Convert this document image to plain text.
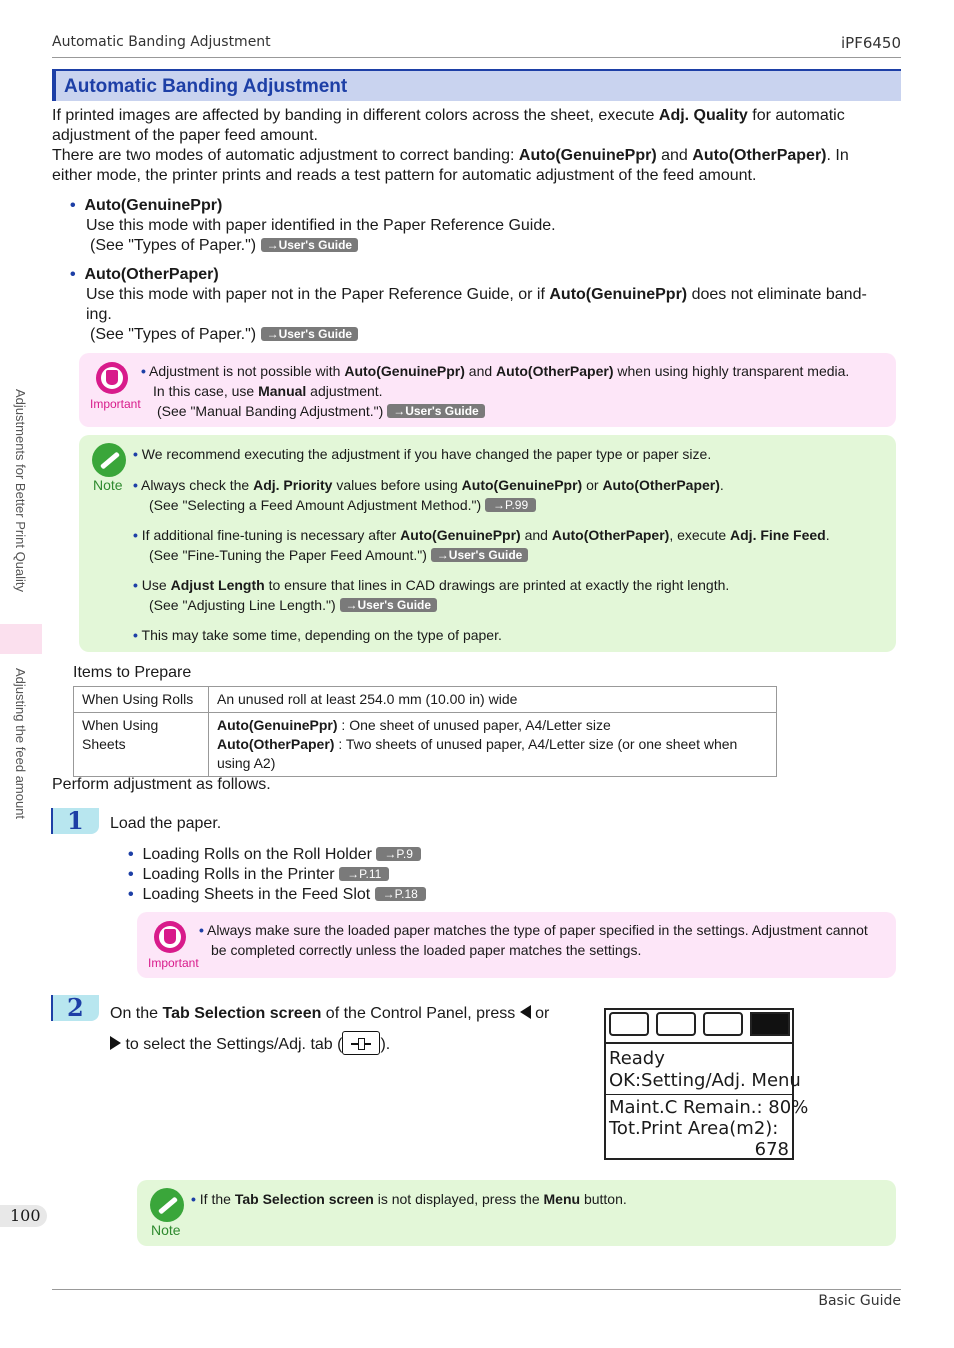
Automatic Banding Adjustment	iPF6450
Automatic Banding Adjustment
If printed images are affected by banding in different colors across the sheet, execute Adj. Quality for automatic
adjustment of the paper feed amount.
There are two modes of automatic adjustment to correct banding: Auto(GenuinePpr) and Auto(OtherPaper). In
either mode, the printer prints and reads a test pattern for automatic adjustment of the feed amount.
• Auto(GenuinePpr)
Use this mode with paper identified in the Paper Reference Guide.
(See "Types of Paper.") →User's Guide
• Auto(OtherPaper)
Use this mode with paper not in the Paper Reference Guide, or if Auto(GenuinePpr) does not eliminate band-
ing.
(See "Types of Paper.") →User's Guide
Important
• Adjustment is not possible with Auto(GenuinePpr) and Auto(OtherPaper) when using highly transparent media.
In this case, use Manual adjustment.
(See "Manual Banding Adjustment.") →User's Guide
Note
• We recommend executing the adjustment if you have changed the paper type or paper size.
• Always check the Adj. Priority values before using Auto(GenuinePpr) or Auto(OtherPaper).
(See "Selecting a Feed Amount Adjustment Method.") →P.99
• If additional fine-tuning is necessary after Auto(GenuinePpr) and Auto(OtherPaper), execute Adj. Fine Feed.
(See "Fine-Tuning the Paper Feed Amount.") →User's Guide
• Use Adjust Length to ensure that lines in CAD drawings are printed at exactly the right length.
(See "Adjusting Line Length.") →User's Guide
• This may take some time, depending on the type of paper.
Items to Prepare
When Using Rolls	An unused roll at least 254.0 mm (10.00 in) wide
When Using Sheets	Auto(GenuinePpr) : One sheet of unused paper, A4/Letter size
Auto(OtherPaper) : Two sheets of unused paper, A4/Letter size (or one sheet when using A2)
Perform adjustment as follows.
1 Load the paper.
• Loading Rolls on the Roll Holder →P.9
• Loading Rolls in the Printer →P.11
• Loading Sheets in the Feed Slot →P.18
Important
• Always make sure the loaded paper matches the type of paper specified in the settings. Adjustment cannot
be completed correctly unless the loaded paper matches the settings.
2 On the Tab Selection screen of the Control Panel, press  or
to select the Settings/Adj. tab ( ).
Ready
OK:Setting/Adj. Menu
Maint.C Remain.: 80%
Tot.Print Area(m2):
678
Note
• If the Tab Selection screen is not displayed, press the Menu button.
Adjustments for Better Print Quality
Adjusting the feed amount
100
Basic Guide
